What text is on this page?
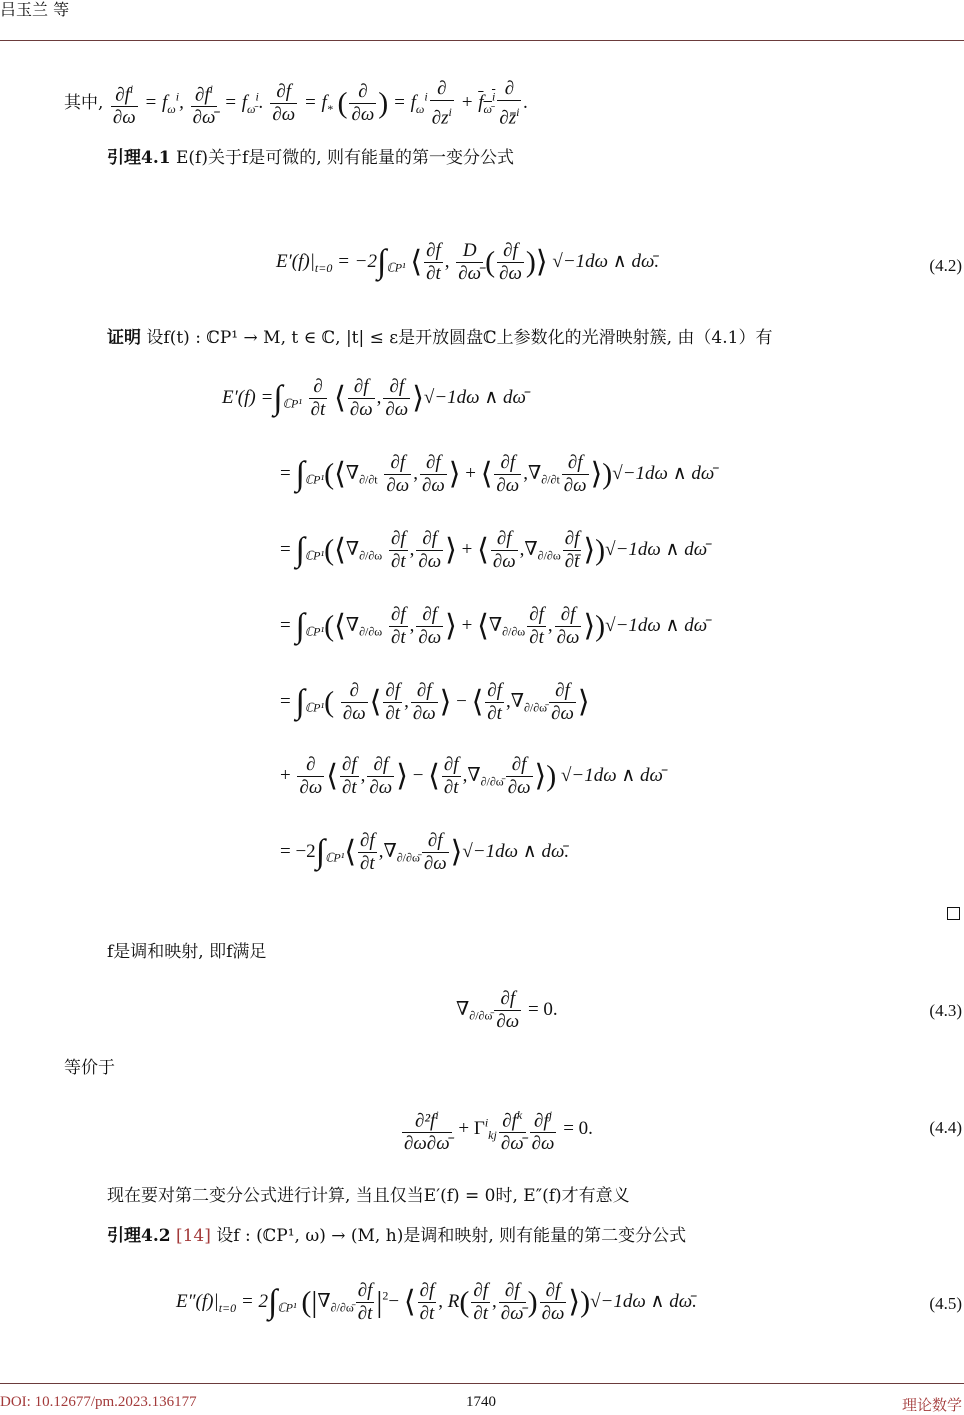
吕玉兰 等
其中, $\frac{\partial f^i}{\partial\omega} = f_\omega^i$, $\frac{\partial f^i}{\partial\omegā} = f_{\omegā}^i$. $\frac{\partial f}{\partial\omega} = f_*$ ( $\frac{\partial}{\partial\omega}$ ) = $f_\omega^i \frac{\partial}{\partial z^i} + f_{\omegā}^i \frac{\partial}{\partial z̄^i}$ .
引理4.1 E(f)关于f是可微的, 则有能量的第一变分公式
$E'(f)|_{t=0} = -2\int_{ℂP^1}$ ⟨ $\frac{\partial f}{\partial t}$ , $\frac{D}{\partial\omegā}$ ( $\frac{\partial f}{\partial\omega}$ )⟩ √−1dω ∧ dω̄.	(4.2)
证明 设f(t) : ℂP¹ → M, t ∈ ℂ, |t| ≤ ε是开放圆盘ℂ上参数化的光滑映射簇, 由（4.1）有
$E'(f) =\int_{ℂP^1} \frac{\partial}{\partial t}$ ⟨ $\frac{\partial f}{\partial\omega}$ , $\frac{\partial f}{\partial\omega}$ ⟩√−1dω ∧ dω̄
= $\int_{ℂP^1}(⟨\nabla_{\partial/\partial t} \frac{\partial f}{\partial\omega}$ , $\frac{\partial f}{\partial\omega}$ ⟩ + ⟨ $\frac{\partial f}{\partial\omega} ,\nabla_{\partial/\partial t} \frac{\partial f}{\partial\omega}$ ⟩)√−1dω ∧ dω̄
= $\int_{ℂP^1}(⟨\nabla_{\partial/\partial\omega} \frac{\partial f}{\partial t}$ , $\frac{\partial f}{\partial\omega}$ ⟩ + ⟨ $\frac{\partial f}{\partial\omega} ,\nabla_{\partial/\partial\omega} \frac{\partial f}{\partial t̄}$ ⟩)√−1dω ∧ dω̄
= $\int_{ℂP^1}(⟨\nabla_{\partial/\partial\omega} \frac{\partial f}{\partial t}$ , $\frac{\partial f}{\partial\omega}$ ⟩ + $⟨\nabla_{\partial/\partial\omega} \frac{\partial f}{\partial t}$ , $\frac{\partial f}{\partial\omega}$ ⟩)√−1dω ∧ dω̄
= $\int_{ℂP^1}( \frac{\partial}{\partial\omega}$ ⟨ $\frac{\partial f}{\partial t}$ , $\frac{\partial f}{\partial\omega}$ ⟩ − ⟨ $\frac{\partial f}{\partial t} ,\nabla_{\partial/\partial\omegā} \frac{\partial f}{\partial\omega}$ ⟩
+ $\frac{\partial}{\partial\omega}$ ⟨ $\frac{\partial f}{\partial t}$ , $\frac{\partial f}{\partial\omega}$ ⟩ − ⟨ $\frac{\partial f}{\partial t} ,\nabla_{\partial/\partial\omegā} \frac{\partial f}{\partial\omega}$ ⟩) √−1dω ∧ dω̄
= $-2\int_{ℂP^1}⟨ \frac{\partial f}{\partial t} ,\nabla_{\partial/\partial\omegā} \frac{\partial f}{\partial\omega}$ ⟩√−1dω ∧ dω̄.
f是调和映射, 即f满足
$\nabla_{\partial/\partial\omegā} \frac{\partial f}{\partial\omega} = 0$.	(4.3)
等价于
$\frac{\partial^2f^i}{\partial\omega\partial\omegā} + \Gamma^i_{kj} \frac{\partial f^k}{\partial\omegā} \frac{\partial f^j}{\partial\omega} = 0$.	(4.4)
现在要对第二变分公式进行计算, 当且仅当E′(f) = 0时, E″(f)才有意义
引理4.2 [14] 设f : (ℂP¹, ω) → (M, h)是调和映射, 则有能量的第二变分公式
$E''(f)|_{t=0} = 2\int_{ℂP^1}$ ($|\nabla_{\partial/\partial\omegā} \frac{\partial f}{\partial t} |^2-$ ⟨ $\frac{\partial f}{\partial t}$ , $R( \frac{\partial f}{\partial t}$ , $\frac{\partial f}{\partial\omegā}$ ) $\frac{\partial f}{\partial\omega}$ ⟩)√−1dω ∧ dω̄.	(4.5)
DOI: 10.12677/pm.2023.136177	1740	理论数学
